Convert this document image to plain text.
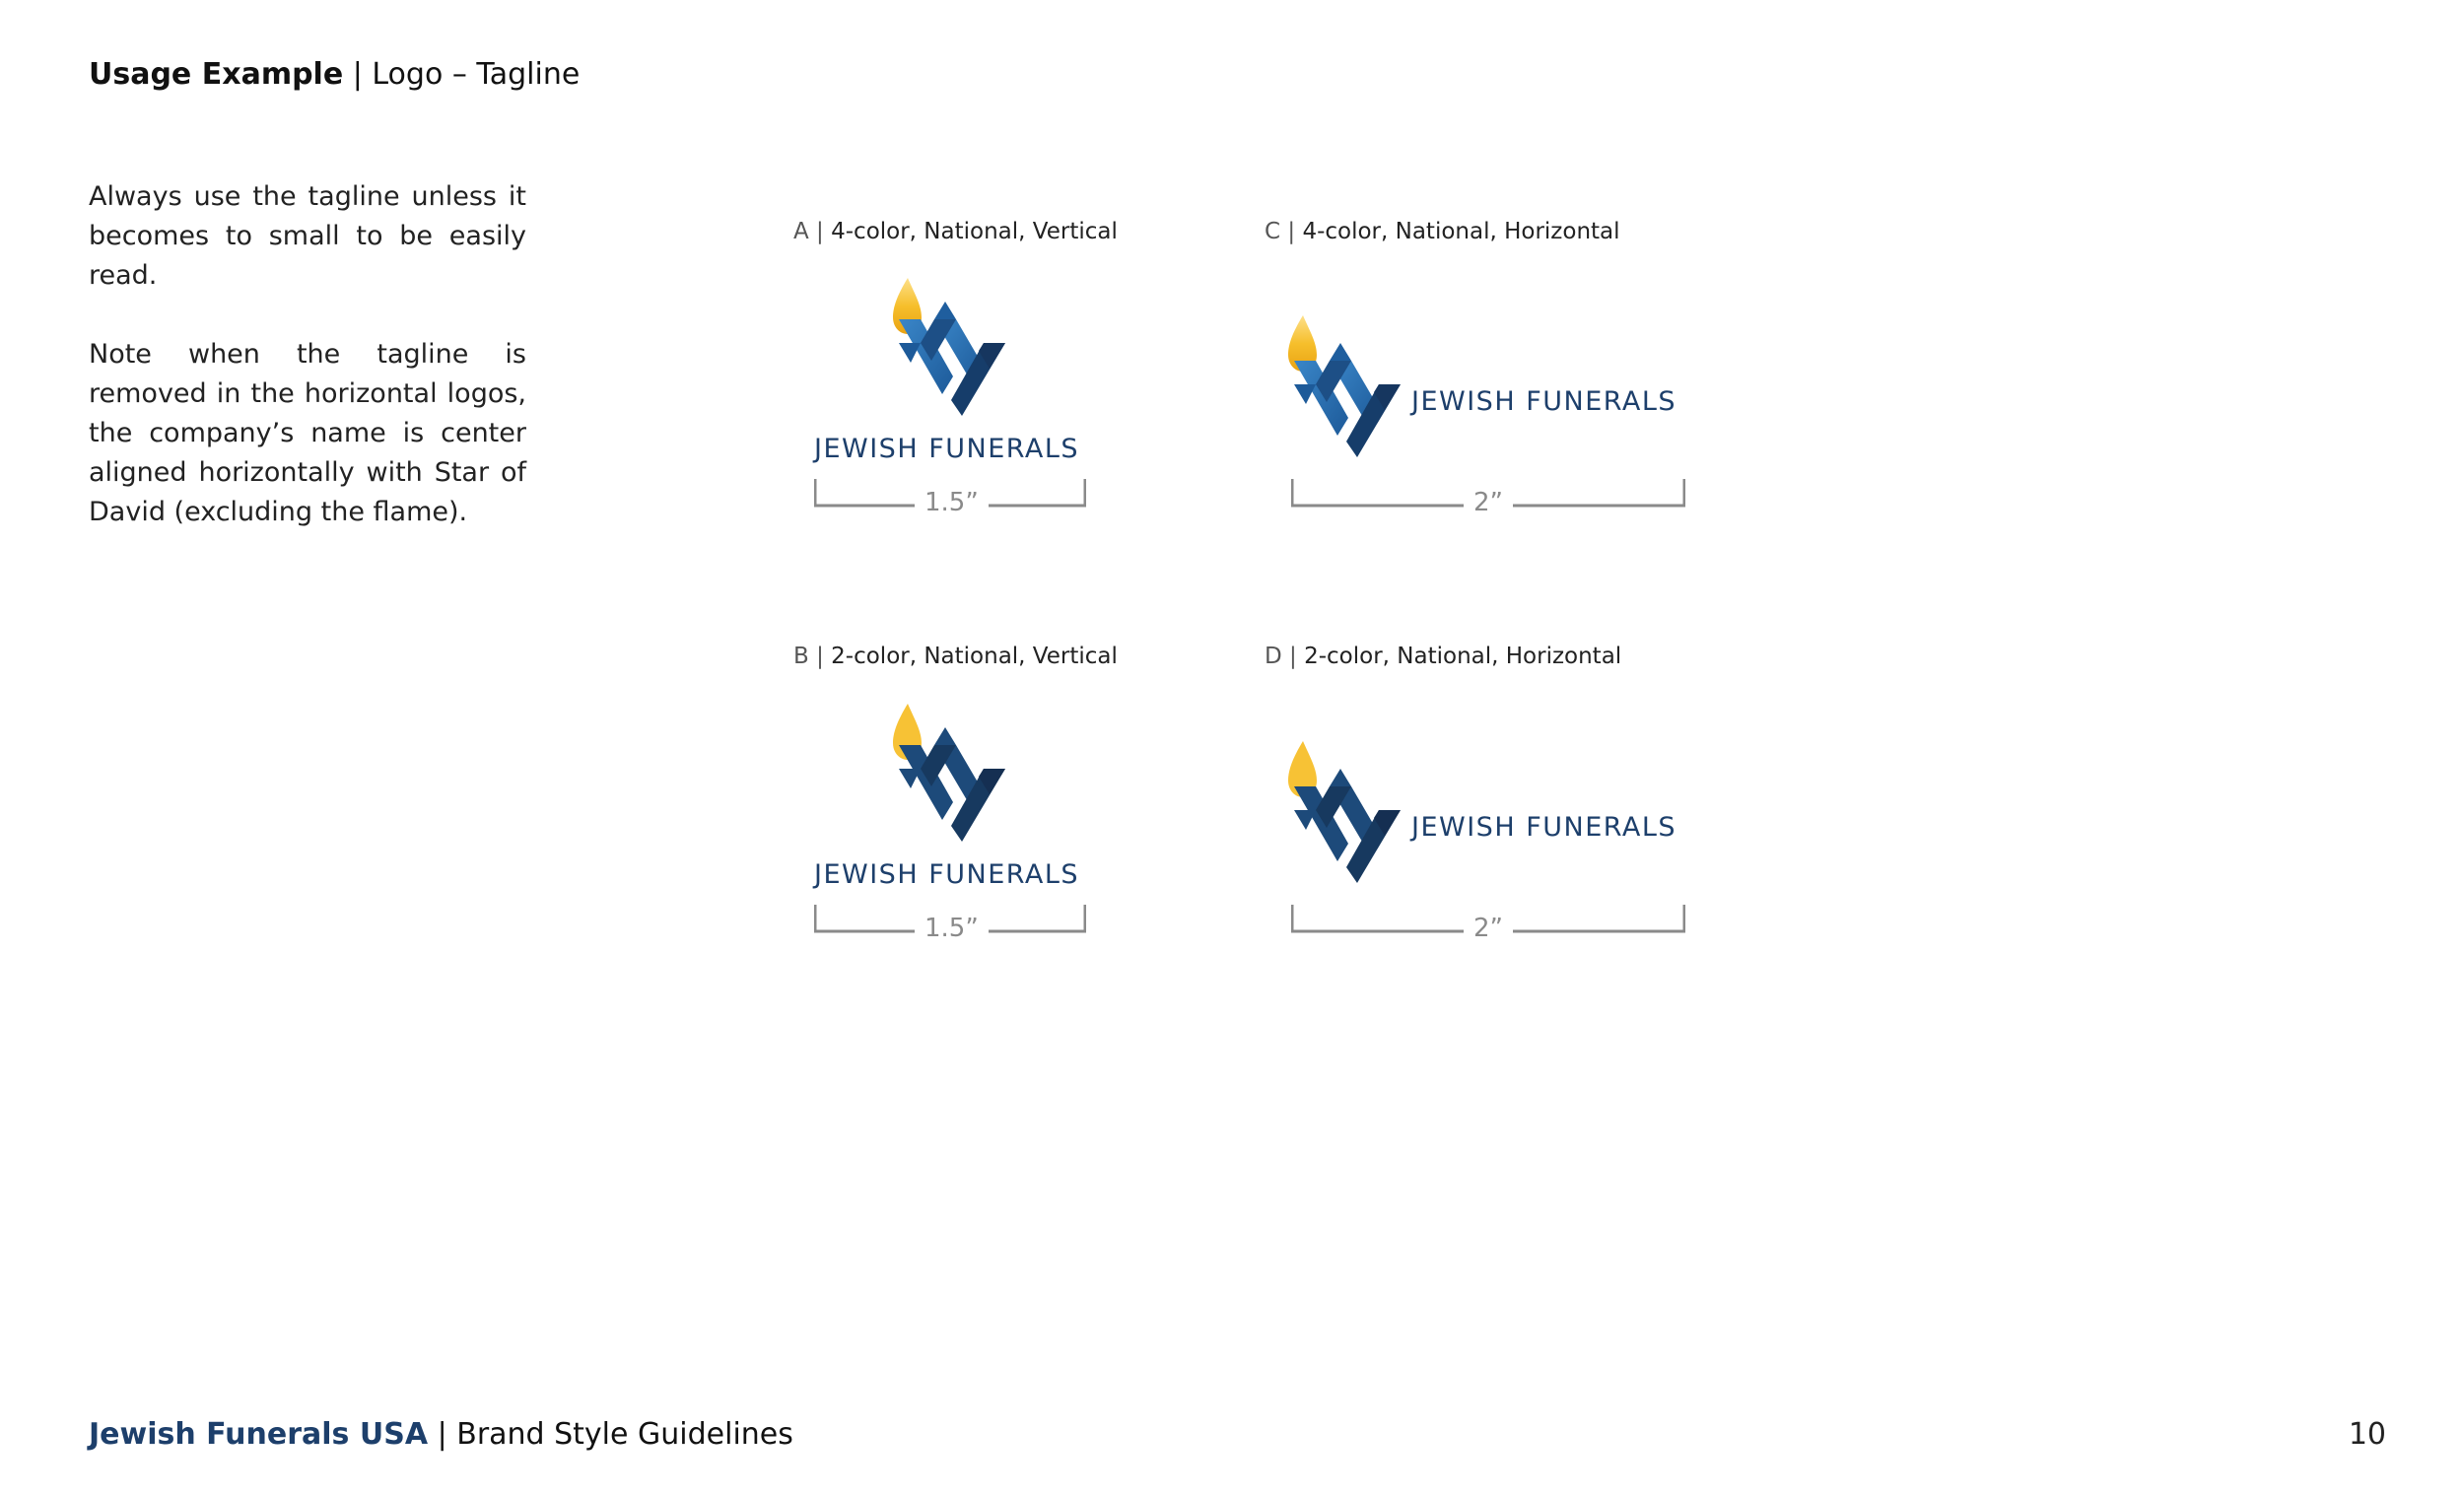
Usage Example | Logo – Tagline

Always use the tagline unless it becomes to small to be easily read.

Note when the tagline is removed in the horizontal logos, the company’s name is center aligned horizontally with Star of David (excluding the flame).

A | 4-color, National, Vertical
JEWISH FUNERALS
1.5”
C | 4-color, National, Horizontal
JEWISH FUNERALS
2”
B | 2-color, National, Vertical
JEWISH FUNERALS
1.5”
D | 2-color, National, Horizontal
JEWISH FUNERALS
2”
Jewish Funerals USA | Brand Style Guidelines	10
